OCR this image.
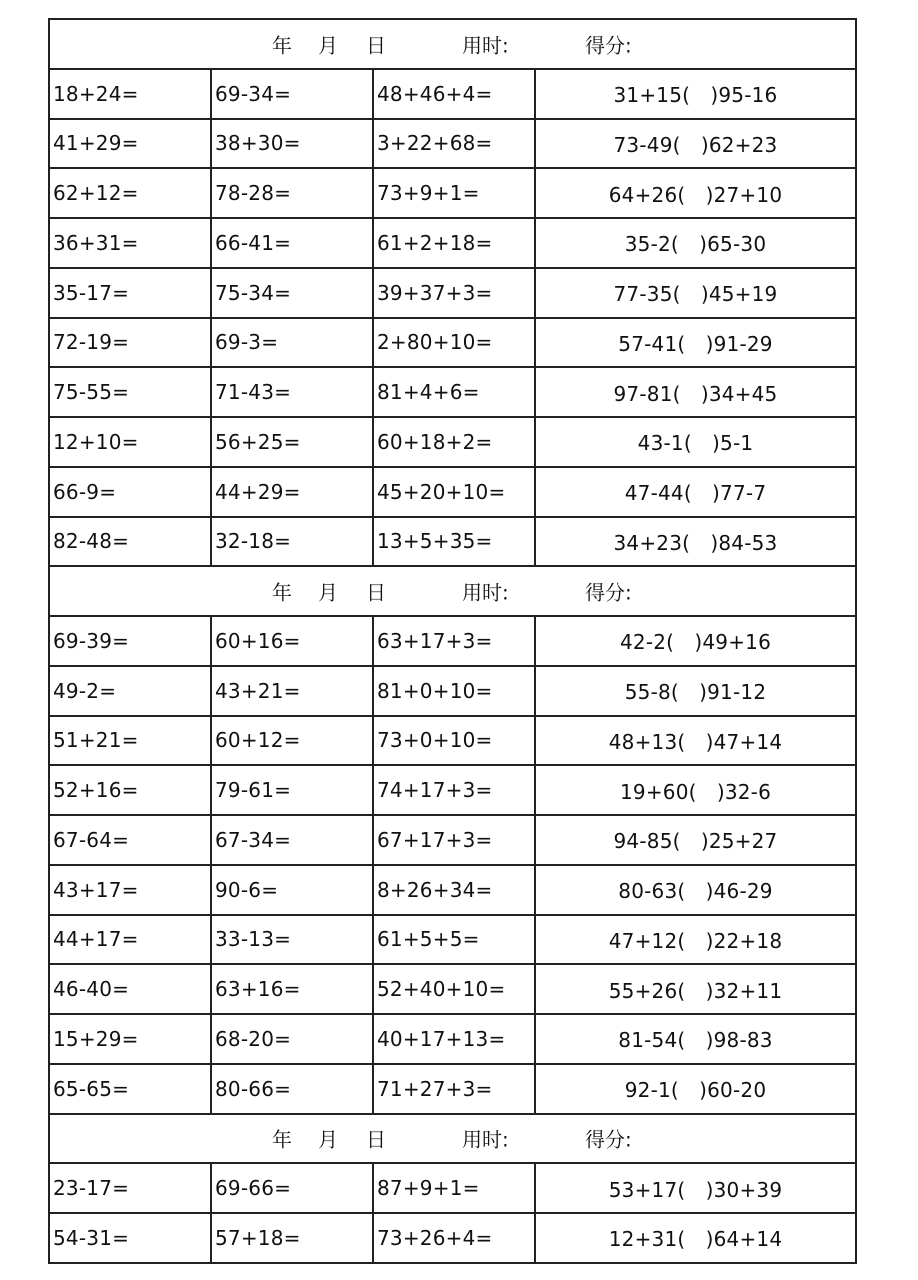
年 月 日	用时:	得分:
18+24=	69-34=	48+46+4=	31+15(　)95-16
41+29=	38+30=	3+22+68=	73-49(　)62+23
62+12=	78-28=	73+9+1=	64+26(　)27+10
36+31=	66-41=	61+2+18=	35-2(　)65-30
35-17=	75-34=	39+37+3=	77-35(　)45+19
72-19=	69-3=	2+80+10=	57-41(　)91-29
75-55=	71-43=	81+4+6=	97-81(　)34+45
12+10=	56+25=	60+18+2=	43-1(　)5-1
66-9=	44+29=	45+20+10=	47-44(　)77-7
82-48=	32-18=	13+5+35=	34+23(　)84-53
年 月 日	用时:	得分:
69-39=	60+16=	63+17+3=	42-2(　)49+16
49-2=	43+21=	81+0+10=	55-8(　)91-12
51+21=	60+12=	73+0+10=	48+13(　)47+14
52+16=	79-61=	74+17+3=	19+60(　)32-6
67-64=	67-34=	67+17+3=	94-85(　)25+27
43+17=	90-6=	8+26+34=	80-63(　)46-29
44+17=	33-13=	61+5+5=	47+12(　)22+18
46-40=	63+16=	52+40+10=	55+26(　)32+11
15+29=	68-20=	40+17+13=	81-54(　)98-83
65-65=	80-66=	71+27+3=	92-1(　)60-20
年 月 日	用时:	得分:
23-17=	69-66=	87+9+1=	53+17(　)30+39
54-31=	57+18=	73+26+4=	12+31(　)64+14
